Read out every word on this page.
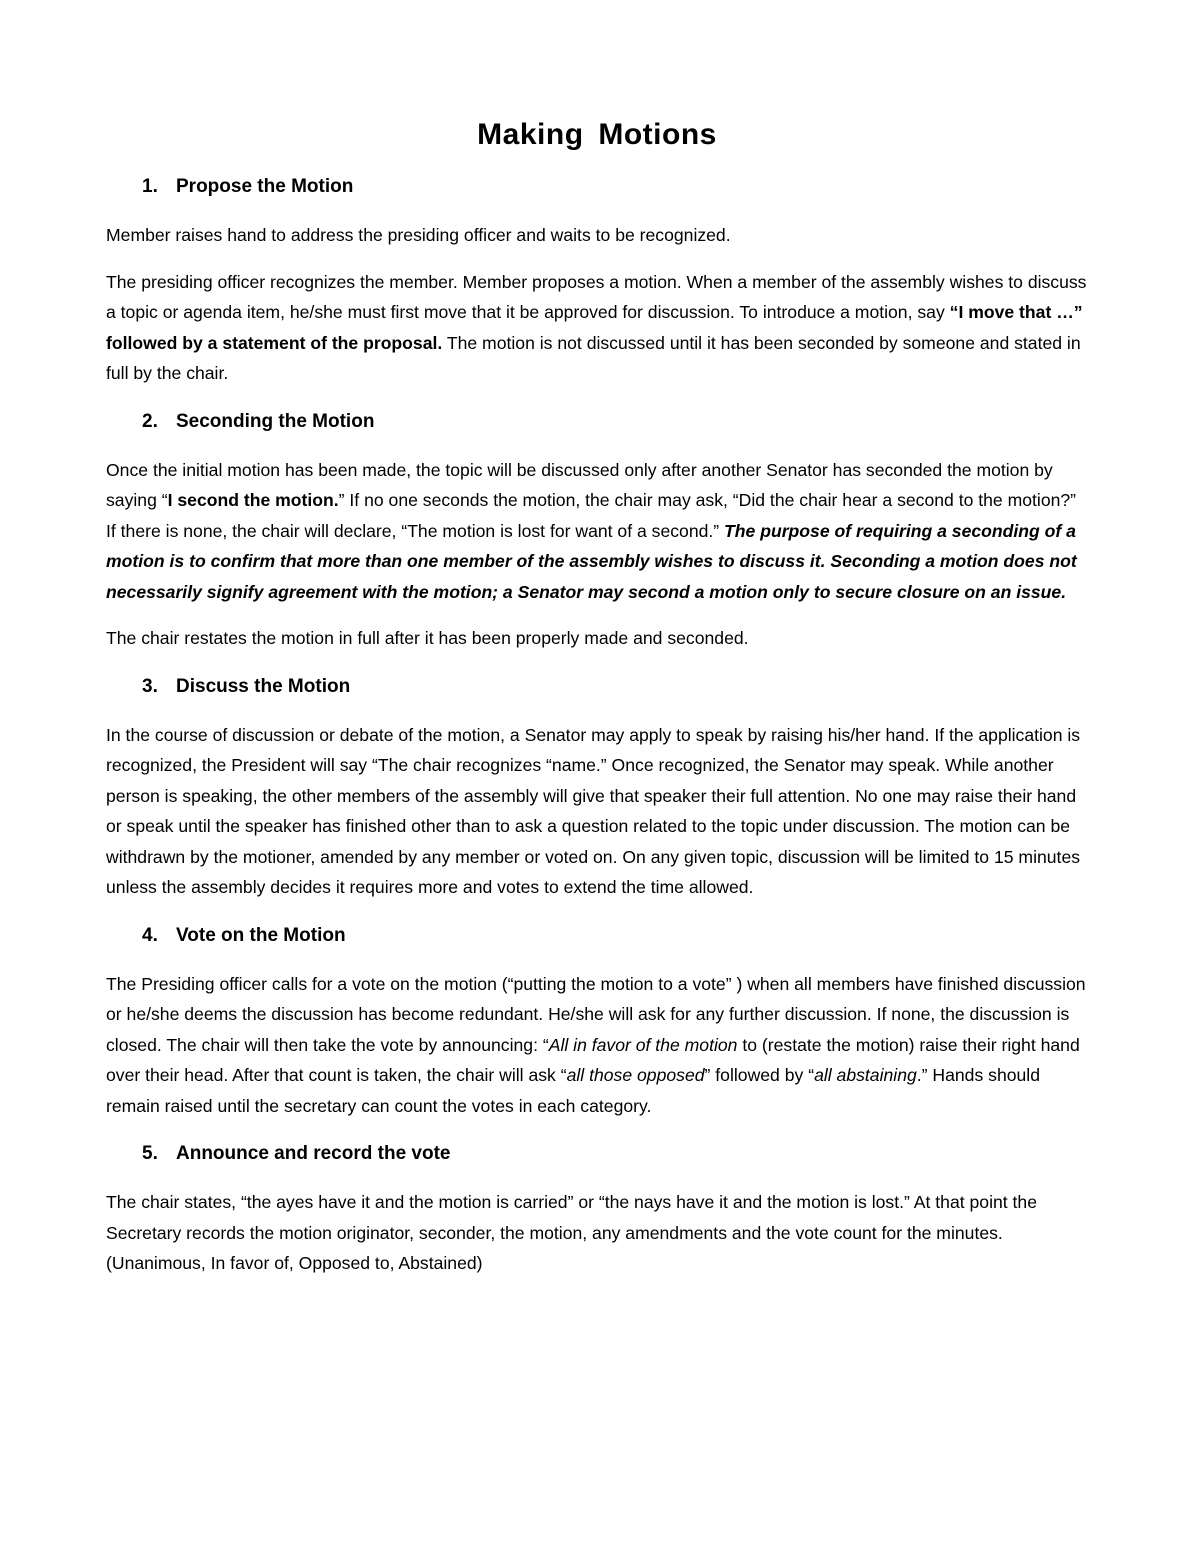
Making Motions
1. Propose the Motion

Member raises hand to address the presiding officer and waits to be recognized.

The presiding officer recognizes the member. Member proposes a motion. When a member of the assembly wishes to discuss a topic or agenda item, he/she must first move that it be approved for discussion. To introduce a motion, say “I move that …” followed by a statement of the proposal. The motion is not discussed until it has been seconded by someone and stated in full by the chair.

2. Seconding the Motion

Once the initial motion has been made, the topic will be discussed only after another Senator has seconded the motion by saying “I second the motion.” If no one seconds the motion, the chair may ask, “Did the chair hear a second to the motion?” If there is none, the chair will declare, “The motion is lost for want of a second.” The purpose of requiring a seconding of a motion is to confirm that more than one member of the assembly wishes to discuss it. Seconding a motion does not necessarily signify agreement with the motion; a Senator may second a motion only to secure closure on an issue.

The chair restates the motion in full after it has been properly made and seconded.

3. Discuss the Motion

In the course of discussion or debate of the motion, a Senator may apply to speak by raising his/her hand. If the application is recognized, the President will say “The chair recognizes “name.” Once recognized, the Senator may speak. While another person is speaking, the other members of the assembly will give that speaker their full attention. No one may raise their hand or speak until the speaker has finished other than to ask a question related to the topic under discussion. The motion can be withdrawn by the motioner, amended by any member or voted on. On any given topic, discussion will be limited to 15 minutes unless the assembly decides it requires more and votes to extend the time allowed.

4. Vote on the Motion

The Presiding officer calls for a vote on the motion (“putting the motion to a vote” ) when all members have finished discussion or he/she deems the discussion has become redundant. He/she will ask for any further discussion. If none, the discussion is closed. The chair will then take the vote by announcing: “All in favor of the motion to (restate the motion) raise their right hand over their head. After that count is taken, the chair will ask “all those opposed” followed by “all abstaining.” Hands should remain raised until the secretary can count the votes in each category.

5. Announce and record the vote

The chair states, “the ayes have it and the motion is carried” or “the nays have it and the motion is lost.” At that point the Secretary records the motion originator, seconder, the motion, any amendments and the vote count for the minutes. (Unanimous, In favor of, Opposed to, Abstained)
